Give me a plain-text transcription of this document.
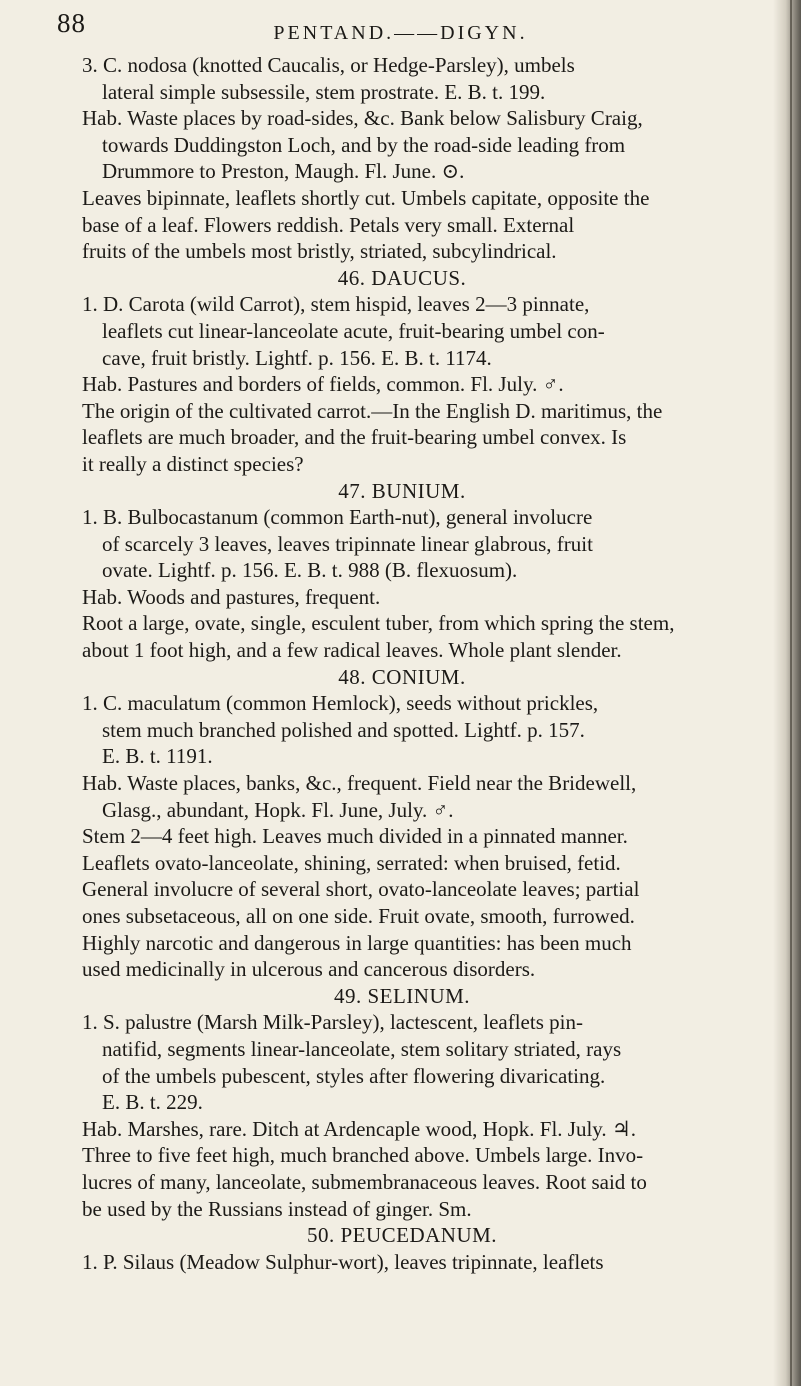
88	PENTAND.——DIGYN.
3. C. nodosa (knotted Caucalis, or Hedge-Parsley), umbels
lateral simple subsessile, stem prostrate. E. B. t. 199.
Hab. Waste places by road-sides, &c. Bank below Salisbury Craig,
towards Duddingston Loch, and by the road-side leading from
Drummore to Preston, Maugh. Fl. June. ⊙.
Leaves bipinnate, leaflets shortly cut. Umbels capitate, opposite the
base of a leaf. Flowers reddish. Petals very small. External
fruits of the umbels most bristly, striated, subcylindrical.
46. DAUCUS.
1. D. Carota (wild Carrot), stem hispid, leaves 2—3 pinnate,
leaflets cut linear-lanceolate acute, fruit-bearing umbel con-
cave, fruit bristly. Lightf. p. 156. E. B. t. 1174.
Hab. Pastures and borders of fields, common. Fl. July. ♂.
The origin of the cultivated carrot.—In the English D. maritimus, the
leaflets are much broader, and the fruit-bearing umbel convex. Is
it really a distinct species?
47. BUNIUM.
1. B. Bulbocastanum (common Earth-nut), general involucre
of scarcely 3 leaves, leaves tripinnate linear glabrous, fruit
ovate. Lightf. p. 156. E. B. t. 988 (B. flexuosum).
Hab. Woods and pastures, frequent.
Root a large, ovate, single, esculent tuber, from which spring the stem,
about 1 foot high, and a few radical leaves. Whole plant slender.
48. CONIUM.
1. C. maculatum (common Hemlock), seeds without prickles,
stem much branched polished and spotted. Lightf. p. 157.
E. B. t. 1191.
Hab. Waste places, banks, &c., frequent. Field near the Bridewell,
Glasg., abundant, Hopk. Fl. June, July. ♂.
Stem 2—4 feet high. Leaves much divided in a pinnated manner.
Leaflets ovato-lanceolate, shining, serrated: when bruised, fetid.
General involucre of several short, ovato-lanceolate leaves; partial
ones subsetaceous, all on one side. Fruit ovate, smooth, furrowed.
Highly narcotic and dangerous in large quantities: has been much
used medicinally in ulcerous and cancerous disorders.
49. SELINUM.
1. S. palustre (Marsh Milk-Parsley), lactescent, leaflets pin-
natifid, segments linear-lanceolate, stem solitary striated, rays
of the umbels pubescent, styles after flowering divaricating.
E. B. t. 229.
Hab. Marshes, rare. Ditch at Ardencaple wood, Hopk. Fl. July. ♃.
Three to five feet high, much branched above. Umbels large. Invo-
lucres of many, lanceolate, submembranaceous leaves. Root said to
be used by the Russians instead of ginger. Sm.
50. PEUCEDANUM.
1. P. Silaus (Meadow Sulphur-wort), leaves tripinnate, leaflets
